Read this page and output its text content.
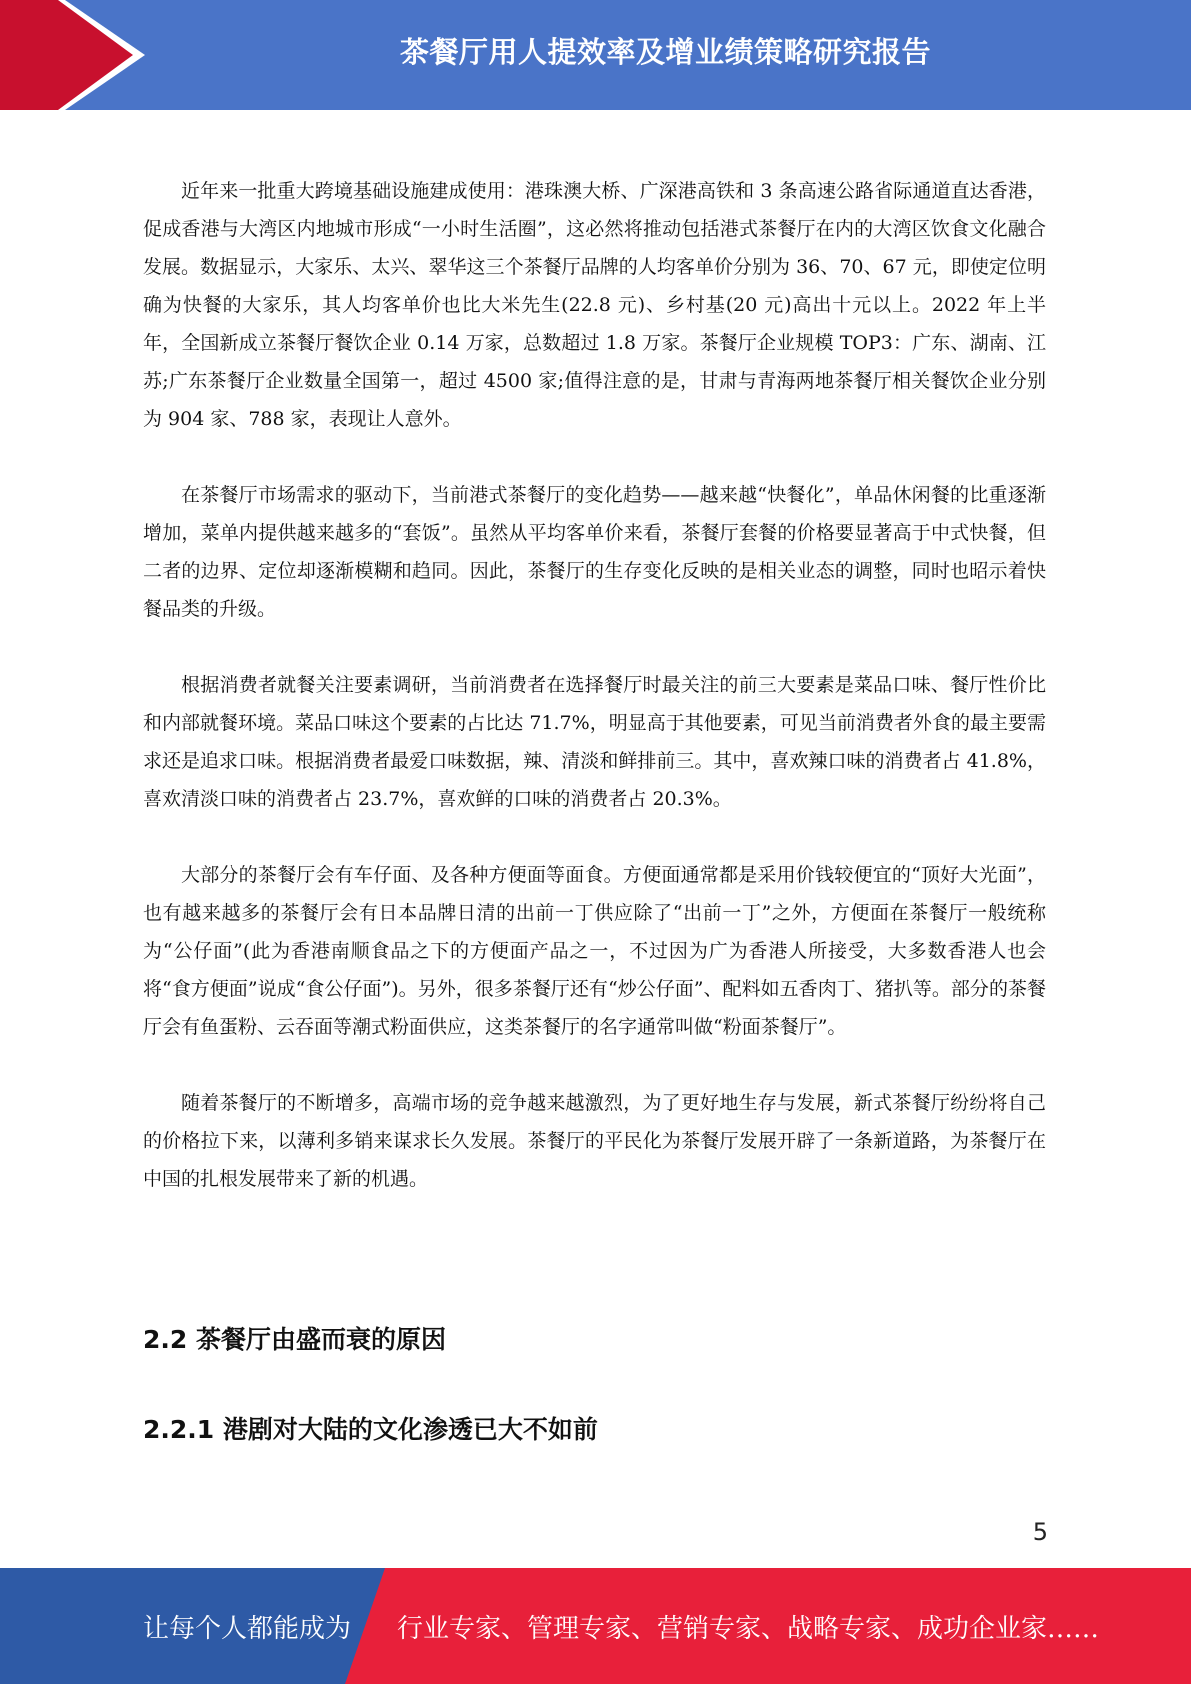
茶餐厅用人提效率及增业绩策略研究报告

近年来一批重大跨境基础设施建成使用：港珠澳大桥、广深港高铁和 3 条高速公路省际通道直达香港，促成香港与大湾区内地城市形成“一小时生活圈”，这必然将推动包括港式茶餐厅在内的大湾区饮食文化融合发展。数据显示，大家乐、太兴、翠华这三个茶餐厅品牌的人均客单价分别为 36、70、67 元，即使定位明确为快餐的大家乐，其人均客单价也比大米先生(22.8 元)、乡村基(20 元)高出十元以上。2022 年上半年，全国新成立茶餐厅餐饮企业 0.14 万家，总数超过 1.8 万家。茶餐厅企业规模 TOP3：广东、湖南、江苏;广东茶餐厅企业数量全国第一，超过 4500 家;值得注意的是，甘肃与青海两地茶餐厅相关餐饮企业分别为 904 家、788 家，表现让人意外。

在茶餐厅市场需求的驱动下，当前港式茶餐厅的变化趋势——越来越“快餐化”，单品休闲餐的比重逐渐增加，菜单内提供越来越多的“套饭”。虽然从平均客单价来看，茶餐厅套餐的价格要显著高于中式快餐，但二者的边界、定位却逐渐模糊和趋同。因此，茶餐厅的生存变化反映的是相关业态的调整，同时也昭示着快餐品类的升级。

根据消费者就餐关注要素调研，当前消费者在选择餐厅时最关注的前三大要素是菜品口味、餐厅性价比和内部就餐环境。菜品口味这个要素的占比达 71.7%，明显高于其他要素，可见当前消费者外食的最主要需求还是追求口味。根据消费者最爱口味数据，辣、清淡和鲜排前三。其中，喜欢辣口味的消费者占 41.8%，喜欢清淡口味的消费者占 23.7%，喜欢鲜的口味的消费者占 20.3%。

大部分的茶餐厅会有车仔面、及各种方便面等面食。方便面通常都是采用价钱较便宜的“顶好大光面”，也有越来越多的茶餐厅会有日本品牌日清的出前一丁供应除了“出前一丁”之外，方便面在茶餐厅一般统称为“公仔面”(此为香港南顺食品之下的方便面产品之一，不过因为广为香港人所接受，大多数香港人也会将“食方便面”说成“食公仔面”)。另外，很多茶餐厅还有“炒公仔面”、配料如五香肉丁、猪扒等。部分的茶餐厅会有鱼蛋粉、云吞面等潮式粉面供应，这类茶餐厅的名字通常叫做“粉面茶餐厅”。

随着茶餐厅的不断增多，高端市场的竞争越来越激烈，为了更好地生存与发展，新式茶餐厅纷纷将自己的价格拉下来，以薄利多销来谋求长久发展。茶餐厅的平民化为茶餐厅发展开辟了一条新道路，为茶餐厅在中国的扎根发展带来了新的机遇。

2.2 茶餐厅由盛而衰的原因
2.2.1 港剧对大陆的文化渗透已大不如前
5
让每个人都能成为 行业专家、管理专家、营销专家、战略专家、成功企业家……
